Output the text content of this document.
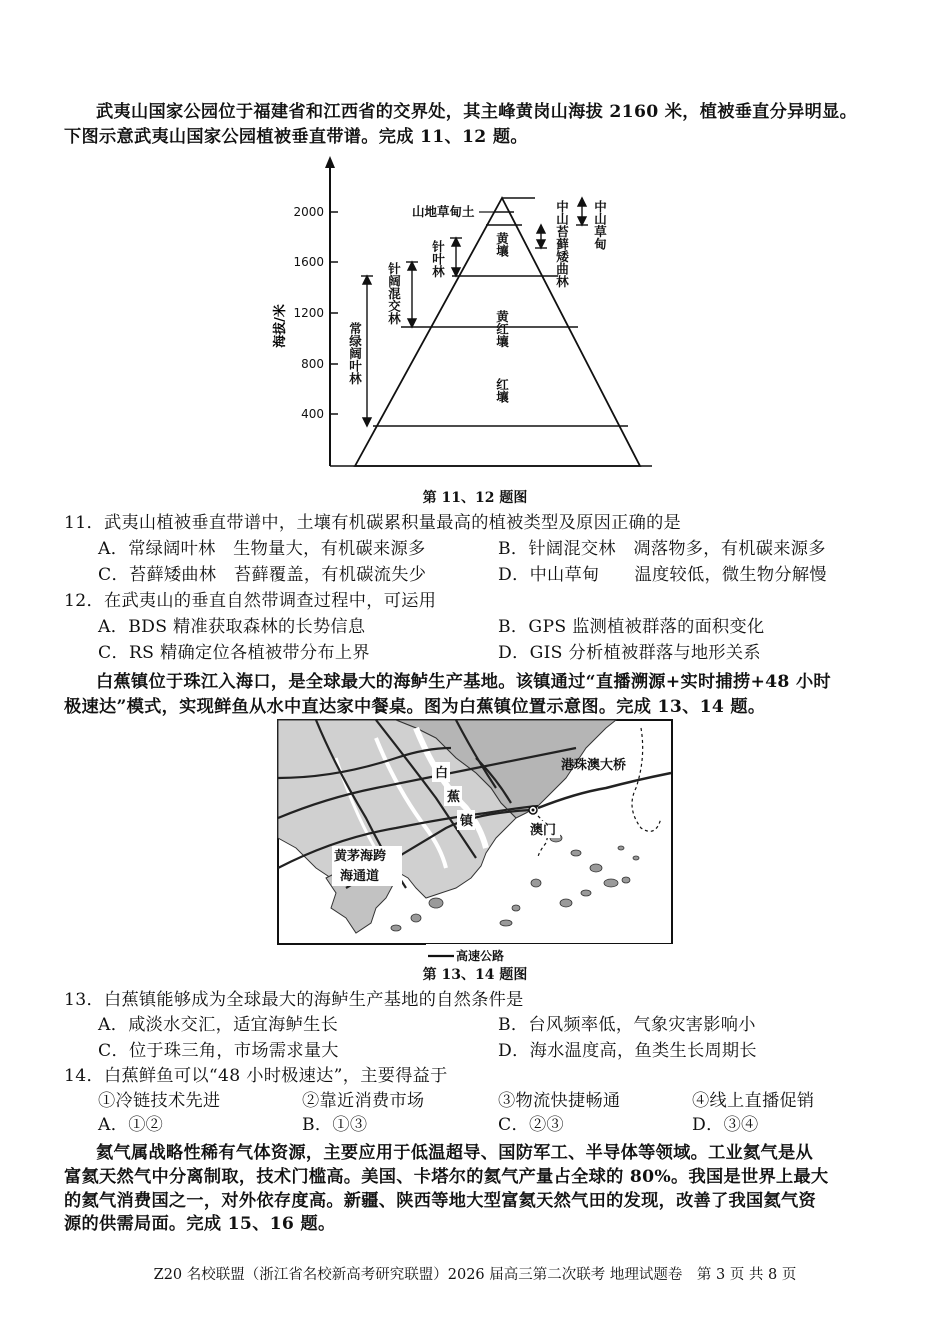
武夷山国家公园位于福建省和江西省的交界处，其主峰黄岗山海拔 2160 米，植被垂直分异明显。
下图示意武夷山国家公园植被垂直带谱。完成 11、12 题。
2000
1600
1200
800
400
海拔/米	常绿阔叶林
针阔混交林
针叶林	中山苔藓矮曲林 中山草甸
山地草甸土
黄壤
黄红壤
红壤
第 11、12 题图
11．武夷山植被垂直带谱中，土壤有机碳累积量最高的植被类型及原因正确的是
A．常绿阔叶林　生物量大，有机碳来源多	B．针阔混交林　凋落物多，有机碳来源多
C．苔藓矮曲林　苔藓覆盖，有机碳流失少	D．中山草甸　　温度较低，微生物分解慢
12．在武夷山的垂直自然带调查过程中，可运用
A．BDS 精准获取森林的长势信息	B．GPS 监测植被群落的面积变化
C．RS 精确定位各植被带分布上界	D．GIS 分析植被群落与地形关系
白蕉镇位于珠江入海口，是全球最大的海鲈生产基地。该镇通过“直播溯源+实时捕捞+48 小时
极速达”模式，实现鲜鱼从水中直达家中餐桌。图为白蕉镇位置示意图。完成 13、14 题。
白
蕉
镇
港珠澳大桥
澳门
黄茅海跨
海通道
高速公路
第 13、14 题图
13．白蕉镇能够成为全球最大的海鲈生产基地的自然条件是
A．咸淡水交汇，适宜海鲈生长	B．台风频率低，气象灾害影响小
C．位于珠三角，市场需求量大	D．海水温度高，鱼类生长周期长
14．白蕉鲜鱼可以“48 小时极速达”，主要得益于
①冷链技术先进	②靠近消费市场	③物流快捷畅通	④线上直播促销
A．①②	B．①③	C．②③	D．③④
氦气属战略性稀有气体资源，主要应用于低温超导、国防军工、半导体等领域。工业氦气是从
富氦天然气中分离制取，技术门槛高。美国、卡塔尔的氦气产量占全球的 80%。我国是世界上最大
的氦气消费国之一，对外依存度高。新疆、陕西等地大型富氦天然气田的发现，改善了我国氦气资
源的供需局面。完成 15、16 题。
Z20 名校联盟（浙江省名校新高考研究联盟）2026 届高三第二次联考 地理试题卷　第 3 页 共 8 页
